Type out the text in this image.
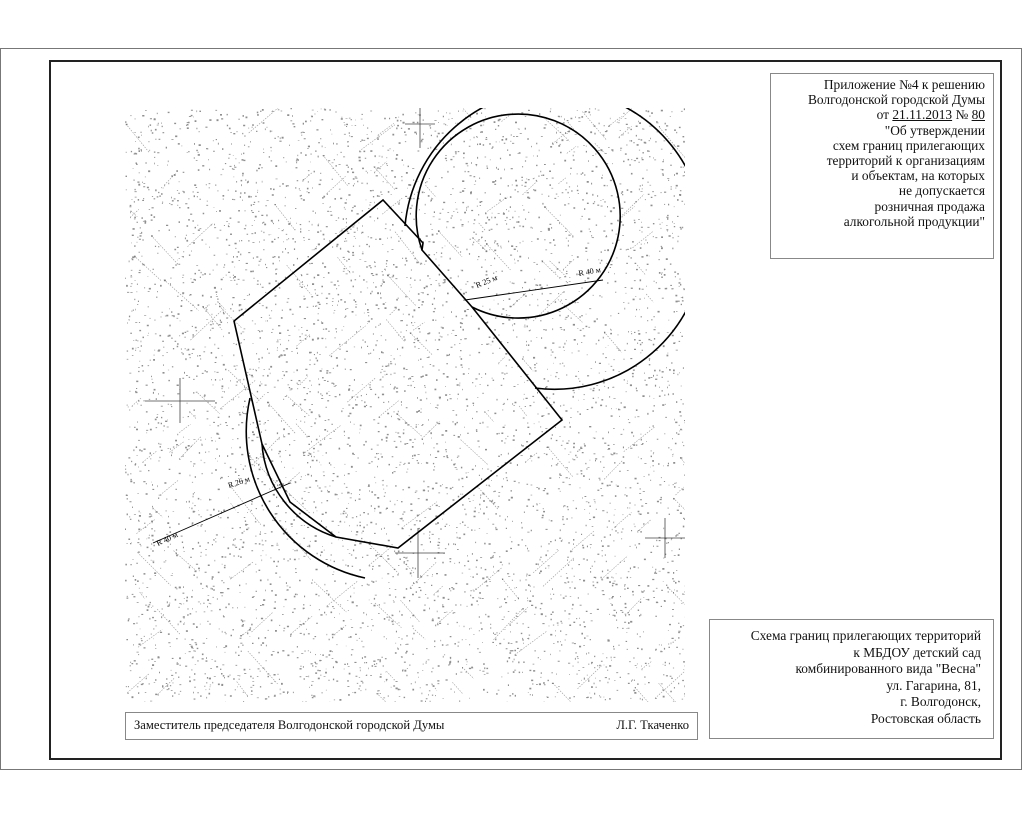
R 25 м
R 40 м
R 26 м
R 40 м
Приложение №4 к решению
Волгодонской городской Думы
от 21.11.2013 № 80
"Об утверждении
схем границ прилегающих
территорий к организациям
и объектам, на которых
не допускается
розничная продажа
алкогольной продукции"
Схема границ прилегающих территорий
к МБДОУ детский сад
комбинированного вида "Весна"
ул. Гагарина, 81,
г. Волгодонск,
Ростовская область
Заместитель председателя Волгодонской городской Думы	Л.Г. Ткаченко
